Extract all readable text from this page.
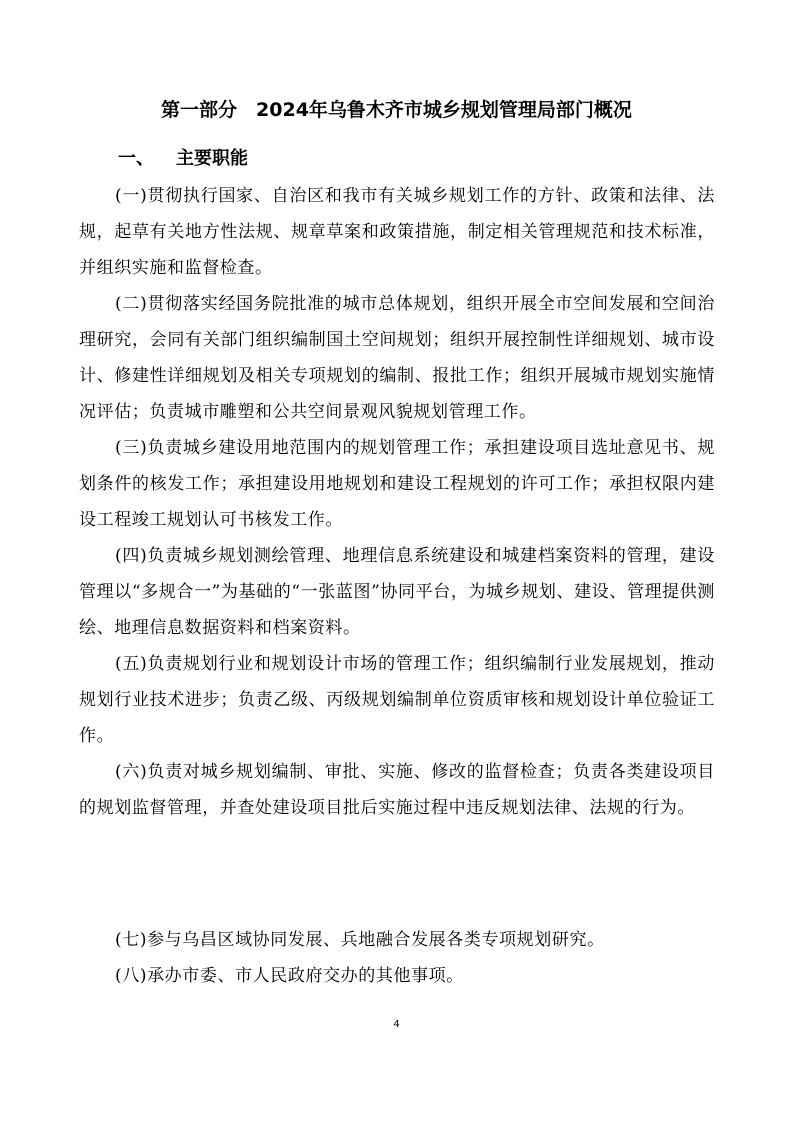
第一部分　2024年乌鲁木齐市城乡规划管理局部门概况
一、 主要职能

(一)贯彻执行国家、自治区和我市有关城乡规划工作的方针、政策和法律、法规，起草有关地方性法规、规章草案和政策措施，制定相关管理规范和技术标准，并组织实施和监督检查。

(二)贯彻落实经国务院批准的城市总体规划，组织开展全市空间发展和空间治理研究，会同有关部门组织编制国土空间规划；组织开展控制性详细规划、城市设计、修建性详细规划及相关专项规划的编制、报批工作；组织开展城市规划实施情况评估；负责城市雕塑和公共空间景观风貌规划管理工作。

(三)负责城乡建设用地范围内的规划管理工作；承担建设项目选址意见书、规划条件的核发工作；承担建设用地规划和建设工程规划的许可工作；承担权限内建设工程竣工规划认可书核发工作。

(四)负责城乡规划测绘管理、地理信息系统建设和城建档案资料的管理，建设管理以“多规合一”为基础的“一张蓝图”协同平台，为城乡规划、建设、管理提供测绘、地理信息数据资料和档案资料。

(五)负责规划行业和规划设计市场的管理工作；组织编制行业发展规划，推动规划行业技术进步；负责乙级、丙级规划编制单位资质审核和规划设计单位验证工作。

(六)负责对城乡规划编制、审批、实施、修改的监督检查；负责各类建设项目的规划监督管理，并查处建设项目批后实施过程中违反规划法律、法规的行为。

(七)参与乌昌区域协同发展、兵地融合发展各类专项规划研究。

(八)承办市委、市人民政府交办的其他事项。

4
